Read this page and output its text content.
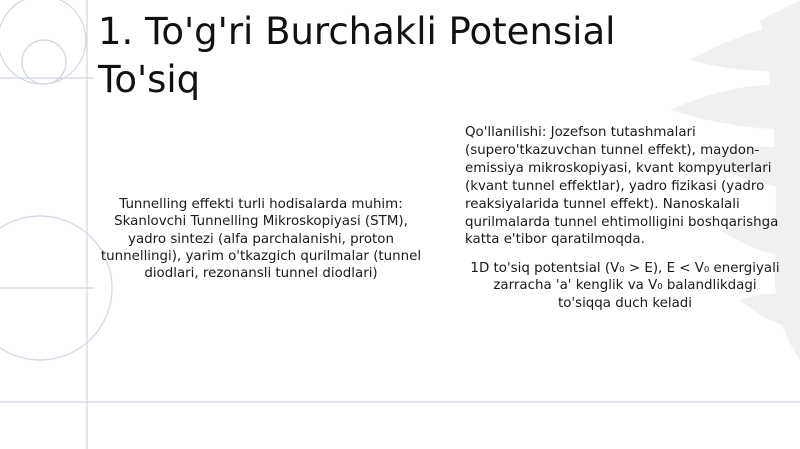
1. To'g'ri Burchakli Potensial
To'siq
Tunnelling effekti turli hodisalarda muhim: Skanlovchi Tunnelling Mikroskopiyasi (STM), yadro sintezi (alfa parchalanishi, proton tunnellingi), yarim o'tkazgich qurilmalar (tunnel diodlari, rezonansli tunnel diodlari)
Qo'llanilishi: Jozefson tutashmalari (supero'tkazuvchan tunnel effekt), maydon-emissiya mikroskopiyasi, kvant kompyuterlari (kvant tunnel effektlar), yadro fizikasi (yadro reaksiyalarida tunnel effekt). Nanoskalali qurilmalarda tunnel ehtimolligini boshqarishga katta e'tibor qaratilmoqda.
1D to'siq potentsial (V₀ > E), E < V₀ energiyali zarracha 'a' kenglik va V₀ balandlikdagi to'siqqa duch keladi
